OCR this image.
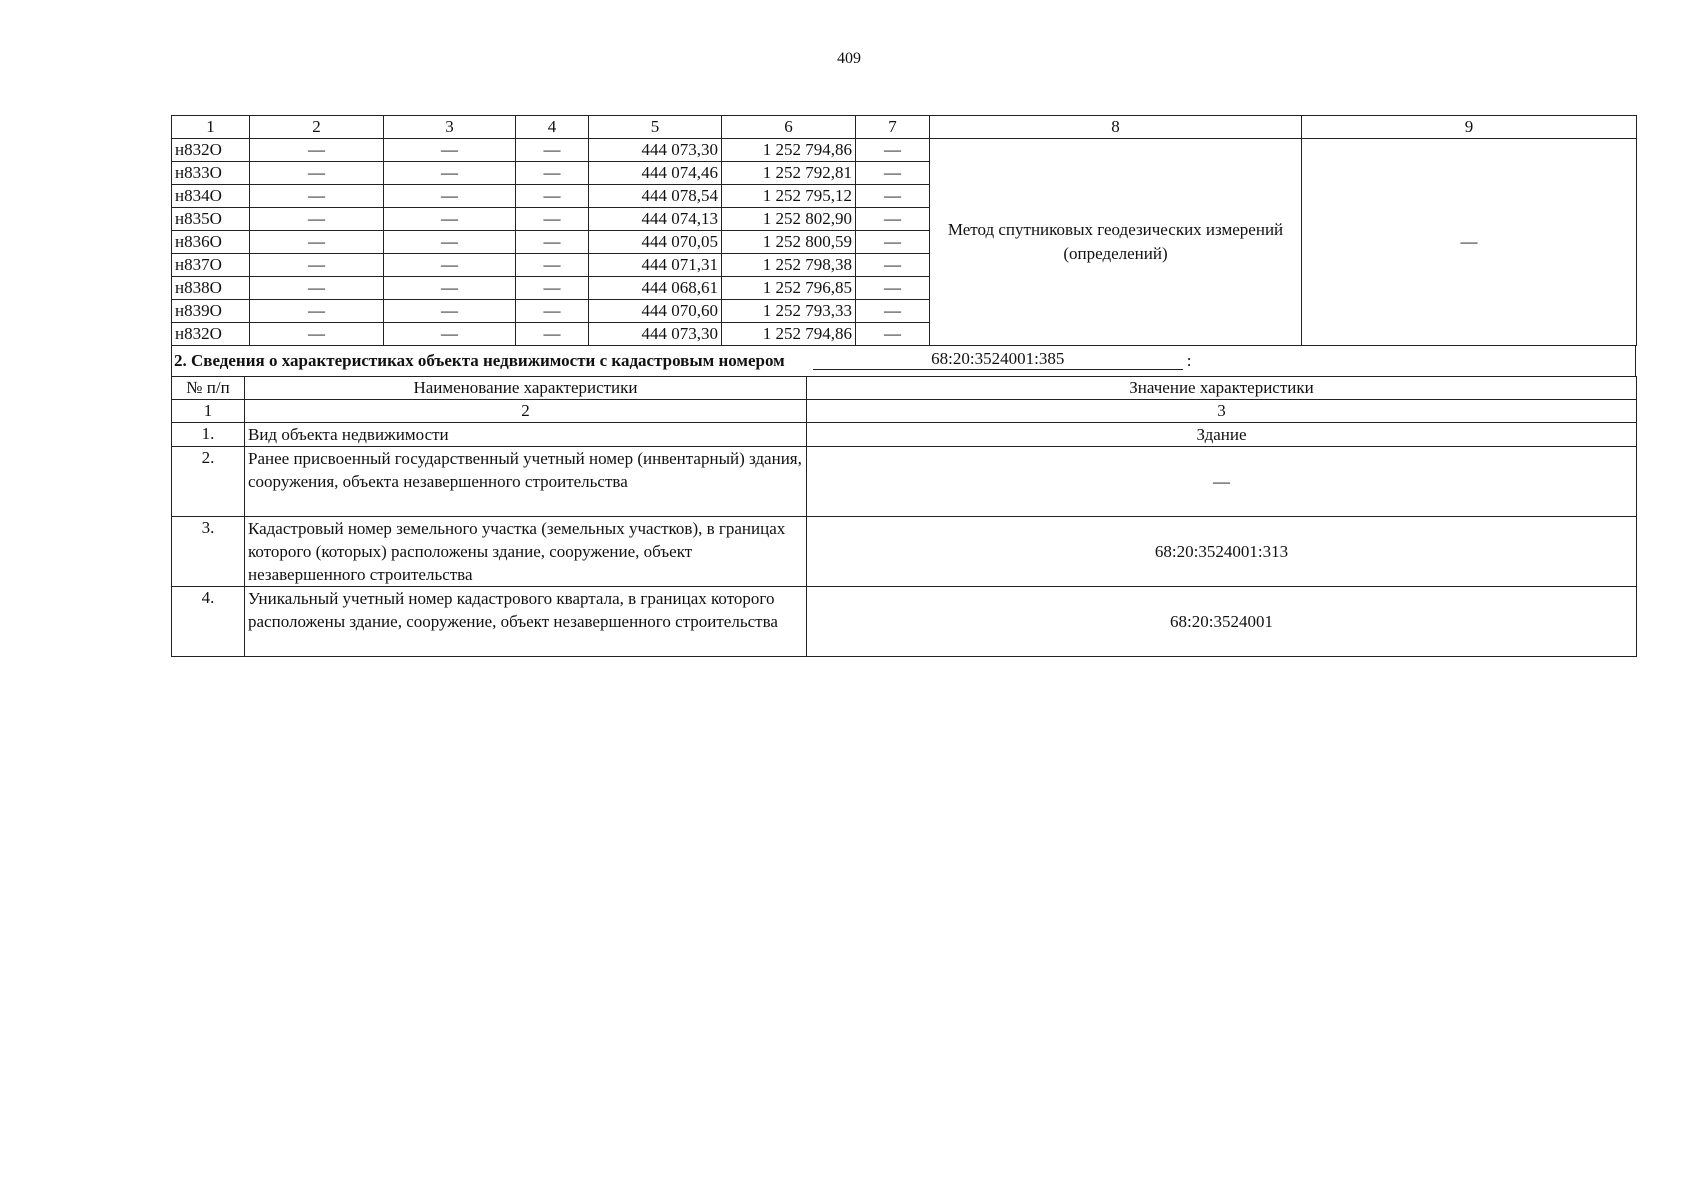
409
1	2	3	4	5	6	7	8	9
н832О	—	—	—	444 073,30	1 252 794,86	—	Метод спутниковых геодезических измерений (определений)	—
н833О	—	—	—	444 074,46	1 252 792,81	—		
н834О	—	—	—	444 078,54	1 252 795,12	—		
н835О	—	—	—	444 074,13	1 252 802,90	—		
н836О	—	—	—	444 070,05	1 252 800,59	—		
н837О	—	—	—	444 071,31	1 252 798,38	—		
н838О	—	—	—	444 068,61	1 252 796,85	—		
н839О	—	—	—	444 070,60	1 252 793,33	—		
н832О	—	—	—	444 073,30	1 252 794,86	—		
2. Сведения о характеристиках объекта недвижимости с кадастровым номером	68:20:3524001:385	:
№ п/п	Наименование характеристики	Значение характеристики
1	2	3
1.	Вид объекта недвижимости	Здание
2.	Ранее присвоенный государственный учетный номер (инвентарный) здания, сооружения, объекта незавершенного строительства	—
3.	Кадастровый номер земельного участка (земельных участков), в границах которого (которых) расположены здание, сооружение, объект незавершенного строительства	68:20:3524001:313
4.	Уникальный учетный номер кадастрового квартала, в границах которого расположены здание, сооружение, объект незавершенного строительства	68:20:3524001
